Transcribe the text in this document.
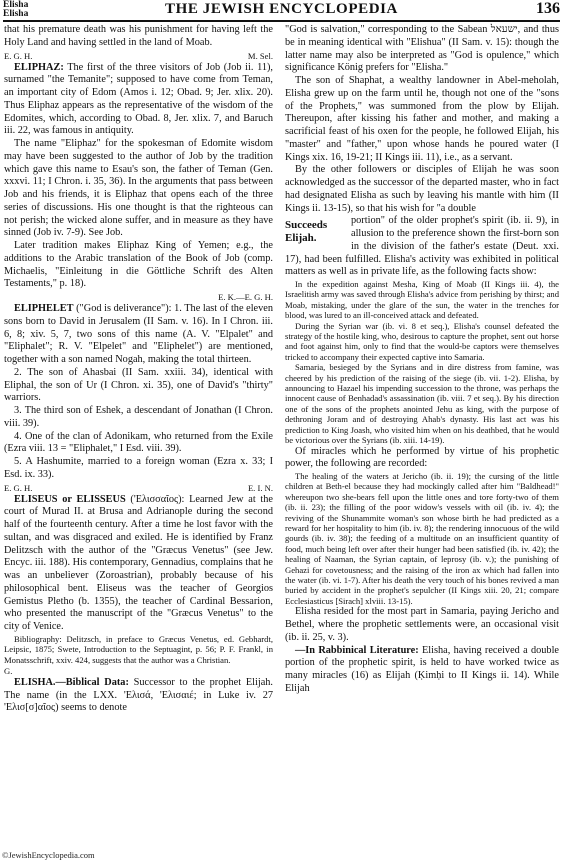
Elisha
Elisha	THE JEWISH ENCYCLOPEDIA	136

that his premature death was his punishment for having left the Holy Land and having settled in the land of Moab.

E. G. H.	M. Sel.

ELIPHAZ: The first of the three visitors of Job (Job ii. 11), surnamed "the Temanite"; supposed to have come from Teman, an important city of Edom (Amos i. 12; Obad. 9; Jer. xlix. 20). Thus Eliphaz appears as the representative of the wisdom of the Edomites, which, according to Obad. 8, Jer. xlix. 7, and Baruch iii. 22, was famous in antiquity.

The name "Eliphaz" for the spokesman of Edomite wisdom may have been suggested to the author of Job by the tradition which gave this name to Esau's son, the father of Teman (Gen. xxxvi. 11; I Chron. i. 35, 36). In the arguments that pass between Job and his friends, it is Eliphaz that opens each of the three series of discussions. His one thought is that the righteous can not perish; the wicked alone suffer, and in measure as they have sinned (Job iv. 7-9). See Job.

Later tradition makes Eliphaz King of Yemen; e.g., the additions to the Arabic translation of the Book of Job (comp. Michaelis, "Einleitung in die Göttliche Schrift des Alten Testaments," p. 18).

E. K.—E. G. H.

ELIPHELET ("God is deliverance"): 1. The last of the eleven sons born to David in Jerusalem (II Sam. v. 16). In I Chron. iii. 6, 8; xiv. 5, 7, two sons of this name (A. V. "Elpalet" and "Eliphalet"; R. V. "Elpelet" and "Eliphelet") are mentioned, together with a son named Nogah, making the total thirteen.

2. The son of Ahasbai (II Sam. xxiii. 34), identical with Eliphal, the son of Ur (I Chron. xi. 35), one of David's "thirty" warriors.

3. The third son of Eshek, a descendant of Jonathan (I Chron. viii. 39).

4. One of the clan of Adonikam, who returned from the Exile (Ezra viii. 13 = "Eliphalet," I Esd. viii. 39).

5. A Hashumite, married to a foreign woman (Ezra x. 33; I Esd. ix. 33).

E. G. H.	E. I. N.

ELISEUS or ELISSEUS ('Ελισσαῖος): Learned Jew at the court of Murad II. at Brusa and Adrianople during the second half of the fourteenth century. After a time he lost favor with the sultan, and was disgraced and exiled. He is identified by Franz Delitzsch with the author of the "Græcus Venetus" (see Jew. Encyc. iii. 188). His contemporary, Gennadius, complains that he was an unbeliever (Zoroastrian), probably because of his philosophical bent. Eliseus was the teacher of Georgios Gemistus Pletho (b. 1355), the teacher of Cardinal Bessarion, who presented the manuscript of the "Græcus Venetus" to the city of Venice.

Bibliography: Delitzsch, in preface to Græcus Venetus, ed. Gebhardt, Leipsic, 1875; Swete, Introduction to the Septuagint, p. 56; P. F. Frankl, in Monatsschrift, xxiv. 424, suggests that the author was a Christian.

G.

ELISHA.—Biblical Data: Successor to the prophet Elijah. The name (in the LXX. 'Ελισά, 'Ελισαιέ; in Luke iv. 27 'Ελισ[σ]αῖος) seems to denote

"God is salvation," corresponding to the Sabean ישעאל, and thus be in meaning identical with "Elishua" (II Sam. v. 15): though the latter name may also be interpreted as "God is opulence," which significance König prefers for "Elisha."

The son of Shaphat, a wealthy landowner in Abel-meholah, Elisha grew up on the farm until he, though not one of the "sons of the Prophets," was summoned from the plow by Elijah. Thereupon, after kissing his father and mother, and making a sacrificial feast of his oxen for the people, he followed Elijah, his "master" and "father," upon whose hands he poured water (I Kings xix. 16, 19-21; II Kings iii. 11), i.e., as a servant.

By the other followers or disciples of Elijah he was soon acknowledged as the successor of the departed master, who in fact had designated Elisha as such by leaving his mantle with him (II Kings ii. 13-15), so that his wish for "a double

Succeeds
Elijah.

portion" of the older prophet's spirit (ib. ii. 9), in allusion to the preference shown the first-born son in the division of the father's estate (Deut. xxi. 17), had been fulfilled. Elisha's activity was exhibited in political matters as well as in private life, as the following facts show:

In the expedition against Mesha, King of Moab (II Kings iii. 4), the Israelitish army was saved through Elisha's advice from perishing by thirst; and Moab, mistaking, under the glare of the sun, the water in the trenches for blood, was lured to an ill-conceived attack and defeated.

During the Syrian war (ib. vi. 8 et seq.), Elisha's counsel defeated the strategy of the hostile king, who, desirous to capture the prophet, sent out horse and foot against him, only to find that the would-be captors were themselves tricked to accompany their expected captive into Samaria.

Samaria, besieged by the Syrians and in dire distress from famine, was cheered by his prediction of the raising of the siege (ib. vii. 1-2). Elisha, by announcing to Hazael his impending succession to the throne, was perhaps the innocent cause of Benhadad's assassination (ib. viii. 7 et seq.). By his direction one of the sons of the prophets anointed Jehu as king, with the purpose of dethroning Joram and of destroying Ahab's dynasty. His last act was his prediction to King Joash, who visited him when on his deathbed, that he would be victorious over the Syrians (ib. xiii. 14-19).

Of miracles which he performed by virtue of his prophetic power, the following are recorded:

The healing of the waters at Jericho (ib. ii. 19); the cursing of the little children at Beth-el because they had mockingly called after him "Baldhead!" whereupon two she-bears fell upon the little ones and tore forty-two of them (ib. ii. 23); the filling of the poor widow's vessels with oil (ib. iv. 4); the reviving of the Shunammite woman's son whose birth he had predicted as a reward for her hospitality to him (ib. iv. 8); the rendering innocuous of the wild gourds (ib. iv. 38); the feeding of a multitude on an insufficient quantity of food, much being left over after their hunger had been satisfied (ib. iv. 42); the healing of Naaman, the Syrian captain, of leprosy (ib. v.); the punishing of Gehazi for covetousness; and the raising of the iron ax which had fallen into the water (ib. vi. 1-7). After his death the very touch of his bones revived a man buried by accident in the prophet's sepulcher (II Kings xiii. 20, 21; compare Ecclesiasticus [Sirach] xlviii. 13-15).

Elisha resided for the most part in Samaria, paying Jericho and Bethel, where the prophetic settlements were, an occasional visit (ib. ii. 25, v. 3).

—In Rabbinical Literature: Elisha, having received a double portion of the prophetic spirit, is held to have worked twice as many miracles (16) as Elijah (Ḳimḥi to II Kings ii. 14). While Elijah

©JewishEncyclopedia.com
